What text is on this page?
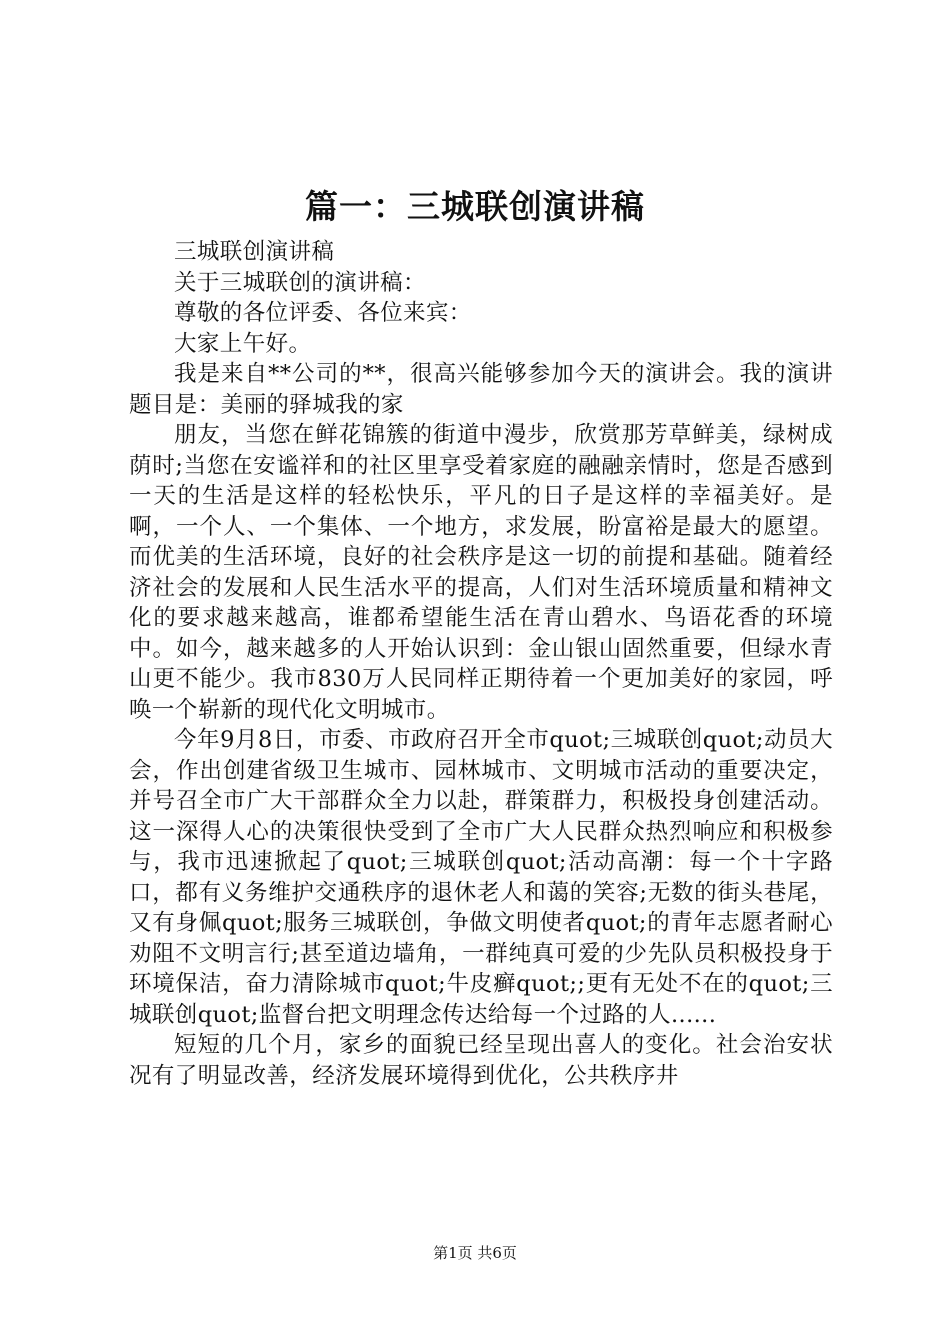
篇一：三城联创演讲稿

三城联创演讲稿

关于三城联创的演讲稿：

尊敬的各位评委、各位来宾：

大家上午好。

我是来自**公司的**，很高兴能够参加今天的演讲会。我的演讲题目是：美丽的驿城我的家

朋友，当您在鲜花锦簇的街道中漫步，欣赏那芳草鲜美，绿树成荫时;当您在安谧祥和的社区里享受着家庭的融融亲情时，您是否感到一天的生活是这样的轻松快乐，平凡的日子是这样的幸福美好。是啊，一个人、一个集体、一个地方，求发展，盼富裕是最大的愿望。而优美的生活环境，良好的社会秩序是这一切的前提和基础。随着经济社会的发展和人民生活水平的提高，人们对生活环境质量和精神文化的要求越来越高，谁都希望能生活在青山碧水、鸟语花香的环境中。如今，越来越多的人开始认识到：金山银山固然重要，但绿水青山更不能少。我市830万人民同样正期待着一个更加美好的家园，呼唤一个崭新的现代化文明城市。

今年9月8日，市委、市政府召开全市quot;三城联创quot;动员大会，作出创建省级卫生城市、园林城市、文明城市活动的重要决定，并号召全市广大干部群众全力以赴，群策群力，积极投身创建活动。这一深得人心的决策很快受到了全市广大人民群众热烈响应和积极参与，我市迅速掀起了quot;三城联创quot;活动高潮：每一个十字路口，都有义务维护交通秩序的退休老人和蔼的笑容;无数的街头巷尾，又有身佩quot;服务三城联创，争做文明使者quot;的青年志愿者耐心劝阻不文明言行;甚至道边墙角，一群纯真可爱的少先队员积极投身于环境保洁，奋力清除城市quot;牛皮癣quot;;更有无处不在的quot;三城联创quot;监督台把文明理念传达给每一个过路的人......

短短的几个月，家乡的面貌已经呈现出喜人的变化。社会治安状况有了明显改善，经济发展环境得到优化，公共秩序井

第1页 共6页
